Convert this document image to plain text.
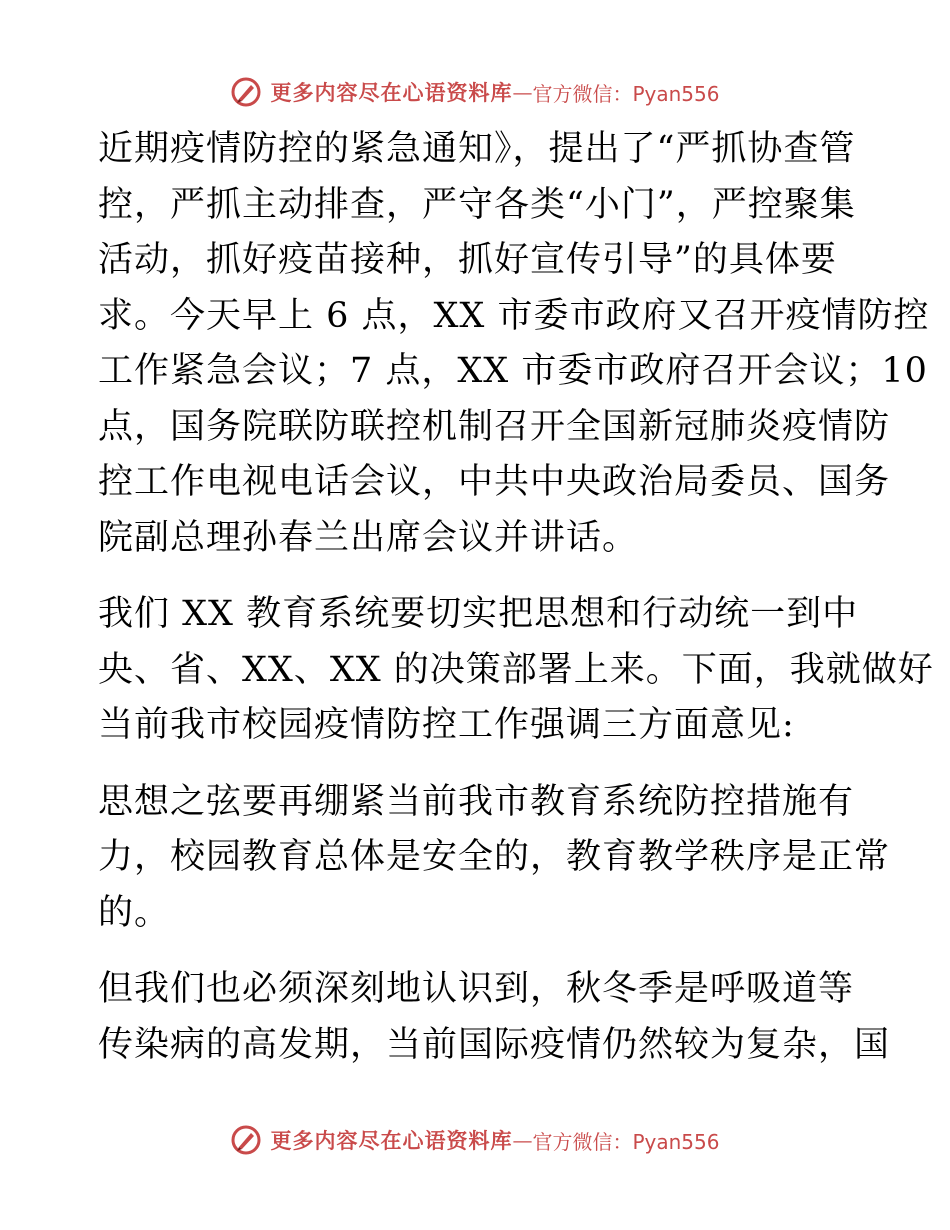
更多内容尽在心语资料库 — 官方微信：Pyan556
近期疫情防控的紧急通知》，提出了“严抓协查管
控，严抓主动排查，严守各类“小门”，严控聚集
活动，抓好疫苗接种，抓好宣传引导”的具体要
求。今天早上 6 点，XX 市委市政府又召开疫情防控
工作紧急会议；7 点，XX 市委市政府召开会议；10
点，国务院联防联控机制召开全国新冠肺炎疫情防
控工作电视电话会议，中共中央政治局委员、国务
院副总理孙春兰出席会议并讲话。
我们 XX 教育系统要切实把思想和行动统一到中
央、省、XX、XX 的决策部署上来。下面，我就做好
当前我市校园疫情防控工作强调三方面意见:
思想之弦要再绷紧当前我市教育系统防控措施有
力，校园教育总体是安全的，教育教学秩序是正常
的。
但我们也必须深刻地认识到，秋冬季是呼吸道等
传染病的高发期，当前国际疫情仍然较为复杂，国
更多内容尽在心语资料库 — 官方微信：Pyan556
